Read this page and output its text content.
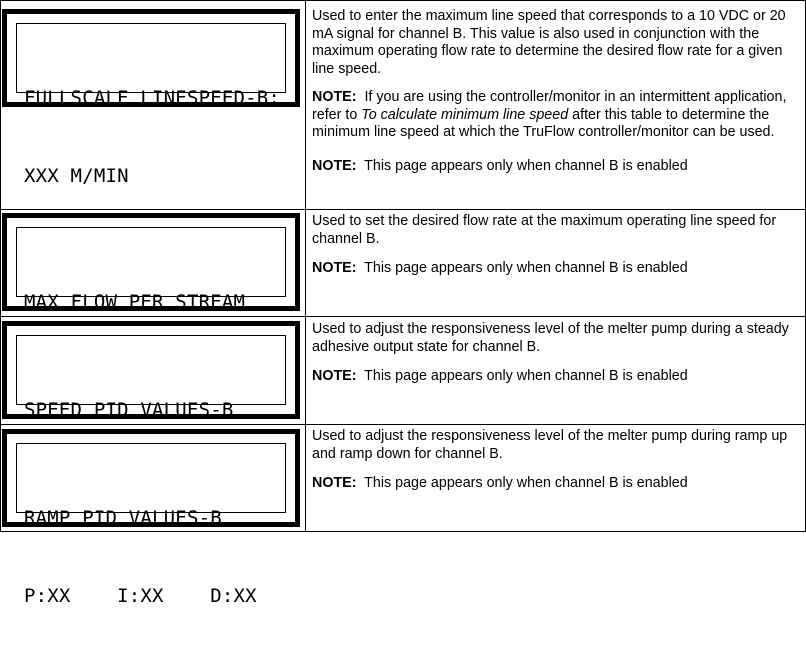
FULLSCALE LINESPEED-B:

XXX M/MIN

Used to enter the maximum line speed that corresponds to a 10 VDC or 20 mA signal for channel B. This value is also used in conjunction with the maximum operating flow rate to determine the desired flow rate for a given line speed.

NOTE: If you are using the controller/monitor in an intermittent application, refer to To calculate minimum line speed after this table to determine the minimum line speed at which the TruFlow controller/monitor can be used.

NOTE: This page appears only when channel B is enabled

MAX FLOW PER STREAM

Used to set the desired flow rate at the maximum operating line speed for channel B.

NOTE: This page appears only when channel B is enabled

SPEED PID VALUES-B

Used to adjust the responsiveness level of the melter pump during a steady adhesive output state for channel B.

NOTE: This page appears only when channel B is enabled

RAMP PID VALUES-B

P:XX    I:XX    D:XX

Used to adjust the responsiveness level of the melter pump during ramp up and ramp down for channel B.

NOTE: This page appears only when channel B is enabled
